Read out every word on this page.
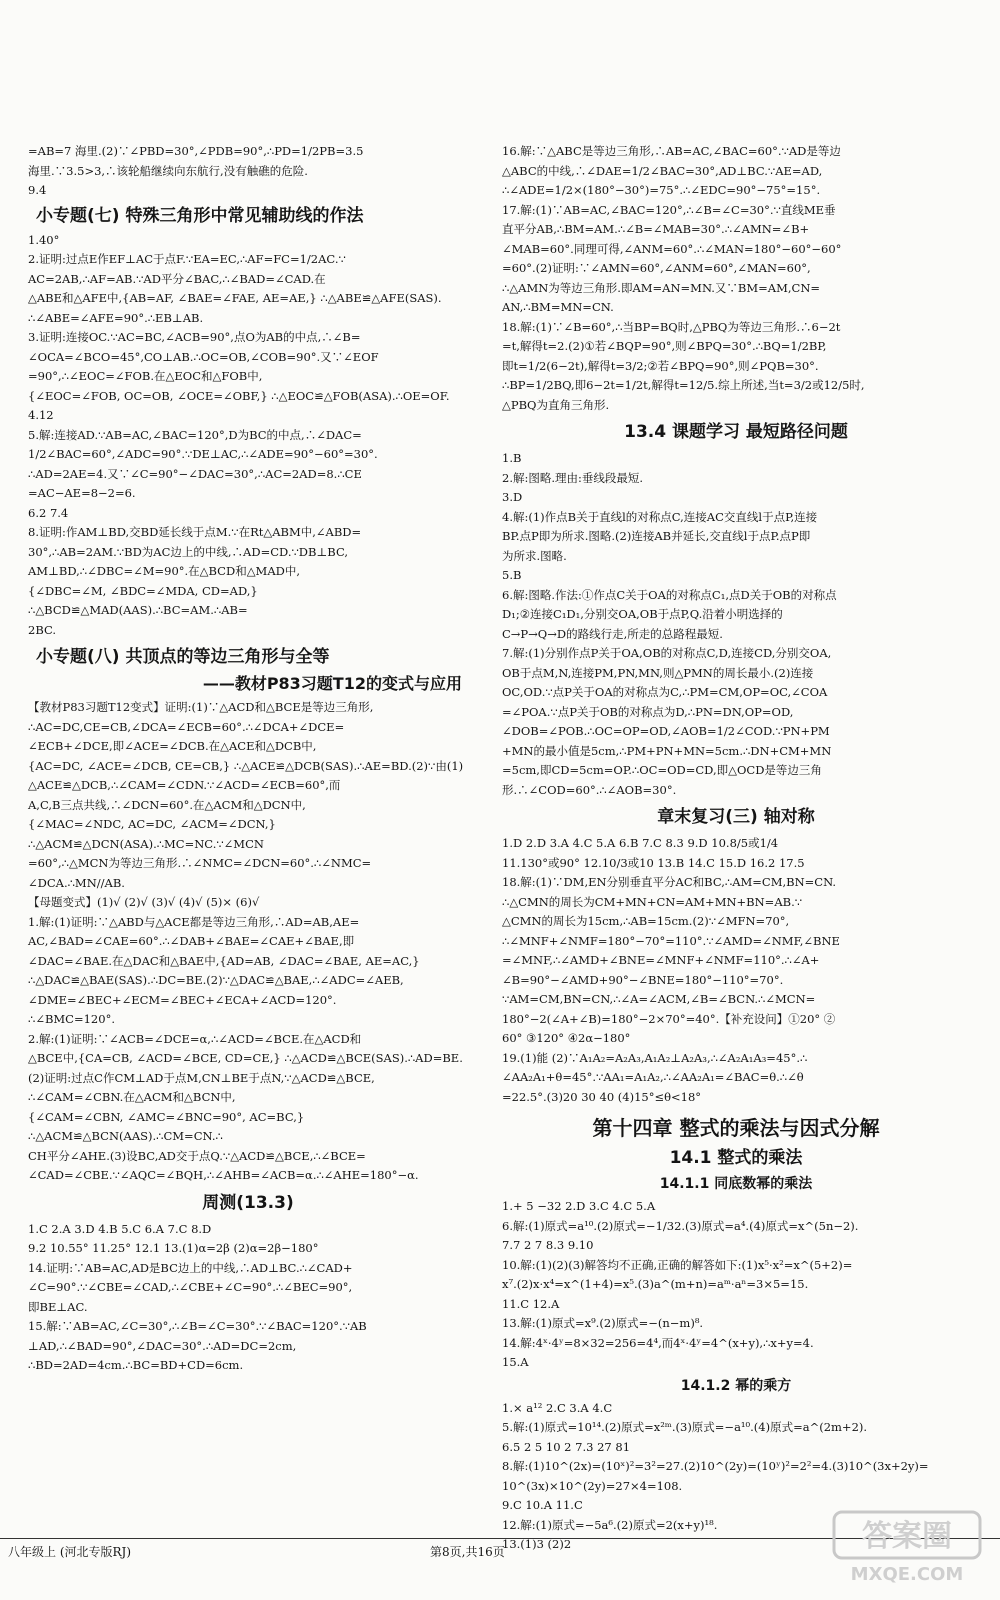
=AB=7 海里.(2)∵∠PBD=30°,∠PDB=90°,∴PD=1/2PB=3.5

海里.∵3.5>3,∴该轮船继续向东航行,没有触礁的危险.

9.4

小专题(七) 特殊三角形中常见辅助线的作法

1.40°

2.证明:过点E作EF⊥AC于点F.∵EA=EC,∴AF=FC=1/2AC.∵

AC=2AB,∴AF=AB.∵AD平分∠BAC,∴∠BAD=∠CAD.在

△ABE和△AFE中,{AB=AF, ∠BAE=∠FAE, AE=AE,} ∴△ABE≌△AFE(SAS).

∴∠ABE=∠AFE=90°.∴EB⊥AB.

3.证明:连接OC.∵AC=BC,∠ACB=90°,点O为AB的中点,∴∠B=

∠OCA=∠BCO=45°,CO⊥AB.∴OC=OB,∠COB=90°.又∵∠EOF

=90°,∴∠EOC=∠FOB.在△EOC和△FOB中,

{∠EOC=∠FOB, OC=OB, ∠OCE=∠OBF,} ∴△EOC≌△FOB(ASA).∴OE=OF.

4.12

5.解:连接AD.∵AB=AC,∠BAC=120°,D为BC的中点,∴∠DAC=

1/2∠BAC=60°,∠ADC=90°.∵DE⊥AC,∴∠ADE=90°−60°=30°.

∴AD=2AE=4.又∵∠C=90°−∠DAC=30°,∴AC=2AD=8.∴CE

=AC−AE=8−2=6.

6.2 7.4

8.证明:作AM⊥BD,交BD延长线于点M.∵在Rt△ABM中,∠ABD=

30°,∴AB=2AM.∵BD为AC边上的中线,∴AD=CD.∵DB⊥BC,

AM⊥BD,∴∠DBC=∠M=90°.在△BCD和△MAD中,

{∠DBC=∠M, ∠BDC=∠MDA, CD=AD,} ∴△BCD≌△MAD(AAS).∴BC=AM.∴AB=

2BC.

小专题(八) 共顶点的等边三角形与全等
——教材P83习题T12的变式与应用

【教材P83习题T12变式】证明:(1)∵△ACD和△BCE是等边三角形,

∴AC=DC,CE=CB,∠DCA=∠ECB=60°.∴∠DCA+∠DCE=

∠ECB+∠DCE,即∠ACE=∠DCB.在△ACE和△DCB中,

{AC=DC, ∠ACE=∠DCB, CE=CB,} ∴△ACE≌△DCB(SAS).∴AE=BD.(2)∵由(1)

△ACE≌△DCB,∴∠CAM=∠CDN.∵∠ACD=∠ECB=60°,而

A,C,B三点共线,∴∠DCN=60°.在△ACM和△DCN中,

{∠MAC=∠NDC, AC=DC, ∠ACM=∠DCN,} ∴△ACM≌△DCN(ASA).∴MC=NC.∵∠MCN

=60°,∴△MCN为等边三角形.∴∠NMC=∠DCN=60°.∴∠NMC=

∠DCA.∴MN//AB.

【母题变式】(1)√ (2)√ (3)√ (4)√ (5)× (6)√

1.解:(1)证明:∵△ABD与△ACE都是等边三角形,∴AD=AB,AE=

AC,∠BAD=∠CAE=60°.∴∠DAB+∠BAE=∠CAE+∠BAE,即

∠DAC=∠BAE.在△DAC和△BAE中,{AD=AB, ∠DAC=∠BAE, AE=AC,}

∴△DAC≌△BAE(SAS).∴DC=BE.(2)∵△DAC≌△BAE,∴∠ADC=∠AEB,

∠DME=∠BEC+∠ECM=∠BEC+∠ECA+∠ACD=120°.

∴∠BMC=120°.

2.解:(1)证明:∵∠ACB=∠DCE=α,∴∠ACD=∠BCE.在△ACD和

△BCE中,{CA=CB, ∠ACD=∠BCE, CD=CE,} ∴△ACD≌△BCE(SAS).∴AD=BE.

(2)证明:过点C作CM⊥AD于点M,CN⊥BE于点N,∵△ACD≌△BCE,

∴∠CAM=∠CBN.在△ACM和△BCN中,

{∠CAM=∠CBN, ∠AMC=∠BNC=90°, AC=BC,} ∴△ACM≌△BCN(AAS).∴CM=CN.∴

CH平分∠AHE.(3)设BC,AD交于点Q.∵△ACD≌△BCE,∴∠BCE=

∠CAD=∠CBE.∵∠AQC=∠BQH,∴∠AHB=∠ACB=α.∴∠AHE=180°−α.

周测(13.3)

1.C 2.A 3.D 4.B 5.C 6.A 7.C 8.D

9.2 10.55° 11.25° 12.1 13.(1)α=2β (2)α=2β−180°

14.证明:∵AB=AC,AD是BC边上的中线,∴AD⊥BC.∴∠CAD+

∠C=90°.∵∠CBE=∠CAD,∴∠CBE+∠C=90°.∴∠BEC=90°,

即BE⊥AC.

15.解:∵AB=AC,∠C=30°,∴∠B=∠C=30°.∵∠BAC=120°.∵AB

⊥AD,∴∠BAD=90°,∠DAC=30°.∴AD=DC=2cm,

∴BD=2AD=4cm.∴BC=BD+CD=6cm.

16.解:∵△ABC是等边三角形,∴AB=AC,∠BAC=60°.∵AD是等边

△ABC的中线,∴∠DAE=1/2∠BAC=30°,AD⊥BC.∵AE=AD,

∴∠ADE=1/2×(180°−30°)=75°.∴∠EDC=90°−75°=15°.

17.解:(1)∵AB=AC,∠BAC=120°,∴∠B=∠C=30°.∵直线ME垂

直平分AB,∴BM=AM.∴∠B=∠MAB=30°.∴∠AMN=∠B+

∠MAB=60°.同理可得,∠ANM=60°.∴∠MAN=180°−60°−60°

=60°.(2)证明:∵∠AMN=60°,∠ANM=60°,∠MAN=60°,

∴△AMN为等边三角形.即AM=AN=MN.又∵BM=AM,CN=

AN,∴BM=MN=CN.

18.解:(1)∵∠B=60°,∴当BP=BQ时,△PBQ为等边三角形.∴6−2t

=t,解得t=2.(2)①若∠BQP=90°,则∠BPQ=30°.∴BQ=1/2BP,

即t=1/2(6−2t),解得t=3/2;②若∠BPQ=90°,则∠PQB=30°.

∴BP=1/2BQ,即6−2t=1/2t,解得t=12/5.综上所述,当t=3/2或12/5时,

△PBQ为直角三角形.

13.4 课题学习 最短路径问题

1.B

2.解:图略.理由:垂线段最短.

3.D

4.解:(1)作点B关于直线l的对称点C,连接AC交直线l于点P,连接

BP.点P即为所求.图略.(2)连接AB并延长,交直线l于点P.点P即

为所求.图略.

5.B

6.解:图略.作法:①作点C关于OA的对称点C₁,点D关于OB的对称点

D₁;②连接C₁D₁,分别交OA,OB于点P,Q.沿着小明选择的

C→P→Q→D的路线行走,所走的总路程最短.

7.解:(1)分别作点P关于OA,OB的对称点C,D,连接CD,分别交OA,

OB于点M,N,连接PM,PN,MN,则△PMN的周长最小.(2)连接

OC,OD.∵点P关于OA的对称点为C,∴PM=CM,OP=OC,∠COA

=∠POA.∵点P关于OB的对称点为D,∴PN=DN,OP=OD,

∠DOB=∠POB.∴OC=OP=OD,∠AOB=1/2∠COD.∵PN+PM

+MN的最小值是5cm,∴PM+PN+MN=5cm.∴DN+CM+MN

=5cm,即CD=5cm=OP.∴OC=OD=CD,即△OCD是等边三角

形.∴∠COD=60°.∴∠AOB=30°.

章末复习(三) 轴对称

1.D 2.D 3.A 4.C 5.A 6.B 7.C 8.3 9.D 10.8/5或1/4

11.130°或90° 12.10/3或10 13.B 14.C 15.D 16.2 17.5

18.解:(1)∵DM,EN分别垂直平分AC和BC,∴AM=CM,BN=CN.

∴△CMN的周长为CM+MN+CN=AM+MN+BN=AB.∵

△CMN的周长为15cm,∴AB=15cm.(2)∵∠MFN=70°,

∴∠MNF+∠NMF=180°−70°=110°.∵∠AMD=∠NMF,∠BNE

=∠MNF,∴∠AMD+∠BNE=∠MNF+∠NMF=110°.∴∠A+

∠B=90°−∠AMD+90°−∠BNE=180°−110°=70°.

∵AM=CM,BN=CN,∴∠A=∠ACM,∠B=∠BCN.∴∠MCN=

180°−2(∠A+∠B)=180°−2×70°=40°.【补充设问】①20° ②

60° ③120° ④2α−180°

19.(1)能 (2)∵A₁A₂=A₂A₃,A₁A₂⊥A₂A₃,∴∠A₂A₁A₃=45°.∴

∠AA₂A₁+θ=45°.∵AA₁=A₁A₂,∴∠AA₂A₁=∠BAC=θ.∴∠θ

=22.5°.(3)20 30 40 (4)15°≤θ<18°

第十四章 整式的乘法与因式分解
14.1 整式的乘法
14.1.1 同底数幂的乘法

1.+ 5 −32 2.D 3.C 4.C 5.A

6.解:(1)原式=a¹⁰.(2)原式=−1/32.(3)原式=a⁴.(4)原式=x^(5n−2).

7.7 2 7 8.3 9.10

10.解:(1)(2)(3)解答均不正确,正确的解答如下:(1)x⁵·x²=x^(5+2)=

x⁷.(2)x·x⁴=x^(1+4)=x⁵.(3)a^(m+n)=aᵐ·aⁿ=3×5=15.

11.C 12.A

13.解:(1)原式=x⁹.(2)原式=−(n−m)⁸.

14.解:4ˣ·4ʸ=8×32=256=4⁴,而4ˣ·4ʸ=4^(x+y),∴x+y=4.

15.A

14.1.2 幂的乘方

1.× a¹² 2.C 3.A 4.C

5.解:(1)原式=10¹⁴.(2)原式=x²ᵐ.(3)原式=−a¹⁰.(4)原式=a^(2m+2).

6.5 2 5 10 2 7.3 27 81

8.解:(1)10^(2x)=(10ˣ)²=3²=27.(2)10^(2y)=(10ʸ)²=2²=4.(3)10^(3x+2y)=

10^(3x)×10^(2y)=27×4=108.

9.C 10.A 11.C

12.解:(1)原式=−5a⁶.(2)原式=2(x+y)¹⁸.

13.(1)3 (2)2

八年级上 (河北专版RJ)	第8页,共16页	答案圈
MXQE.COM
